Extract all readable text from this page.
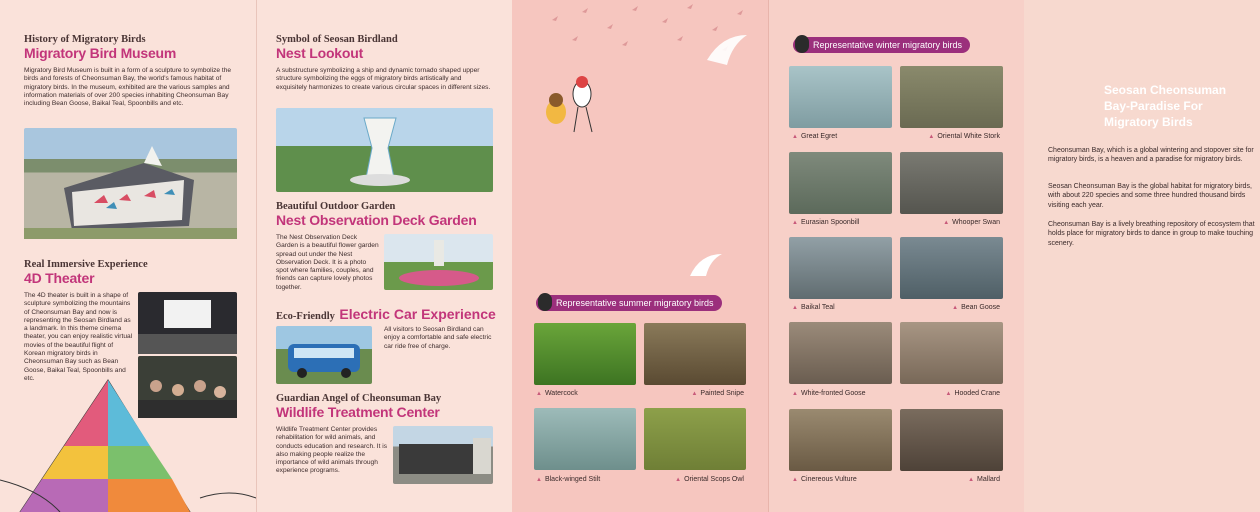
History of Migratory Birds
Migratory Bird Museum
Migratory Bird Museum is built in a form of a sculpture to symbolize the birds and forests of Cheonsuman Bay, the world's famous habitat of migratory birds. In the museum, exhibited are the various samples and information materials of over 200 species inhabiting Cheonsuman Bay including Bean Goose, Baikal Teal, Spoonbills and etc.
Real Immersive Experience
4D Theater
The 4D theater is built in a shape of sculpture symbolizing the mountains of Cheonsuman Bay and now is representing the Seosan Birdland as a landmark. In this theme cinema theater, you can enjoy realistic virtual movies of the beautiful flight of Korean migratory birds in Cheonsuman Bay such as Bean Goose, Baikal Teal, Spoonbills and etc.
Symbol of Seosan Birdland
Nest Lookout
A substructure symbolizing a ship and dynamic tornado shaped upper structure symbolizing the eggs of migratory birds artistically and exquisitely harmonizes to create various circular spaces in different sizes.
Beautiful Outdoor Garden
Nest Observation Deck Garden
The Nest Observation Deck Garden is a beautiful flower garden spread out under the Nest Observation Deck. It is a photo spot where families, couples, and friends can capture lovely photos together.
Eco-Friendly Electric Car Experience
All visitors to Seosan Birdland can enjoy a comfortable and safe electric car ride free of charge.
Guardian Angel of Cheonsuman Bay
Wildlife Treatment Center
Wildlife Treatment Center provides rehabilitation for wild animals, and conducts education and research. It is also making people realize the importance of wild animals through experience programs.
Seosan Cheonsuman Bay-Paradise For Migratory Birds
Cheonsuman Bay, which is a global wintering and stopover site for migratory birds, is a heaven and a paradise for migratory birds.
Seosan Cheonsuman Bay is the global habitat for migratory birds, with about 220 species and some three hundred thousand birds visiting each year.
Cheonsuman Bay is a lively breathing repository of ecosystem that holds place for migratory birds to dance in group to make touching scenery.
Representative summer migratory birds
▲ Watercock	▲ Painted Snipe
▲ Black-winged Stilt	▲ Oriental Scops Owl
Representative winter migratory birds
▲ Great Egret	▲ Oriental White Stork
▲ Eurasian Spoonbill	▲ Whooper Swan
▲ Baikal Teal	▲ Bean Goose
▲ White-fronted Goose	▲ Hooded Crane
▲ Cinereous Vulture	▲ Mallard
